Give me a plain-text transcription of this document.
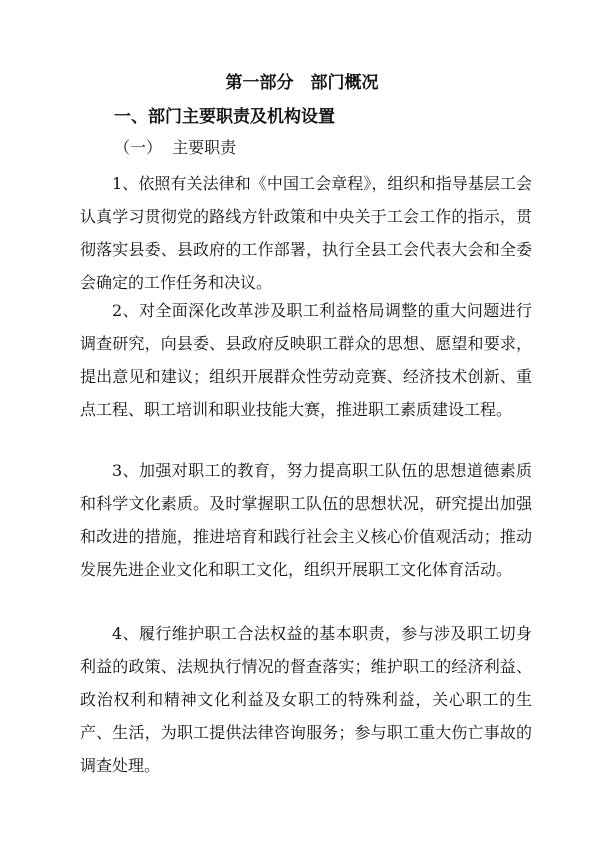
第一部分　部门概况
一、部门主要职责及机构设置
（一）  主要职责

1、依照有关法律和《中国工会章程》，组织和指导基层工会认真学习贯彻党的路线方针政策和中央关于工会工作的指示，贯彻落实县委、县政府的工作部署，执行全县工会代表大会和全委会确定的工作任务和决议。

2、对全面深化改革涉及职工利益格局调整的重大问题进行调查研究，向县委、县政府反映职工群众的思想、愿望和要求，提出意见和建议；组织开展群众性劳动竞赛、经济技术创新、重点工程、职工培训和职业技能大赛，推进职工素质建设工程。

3、加强对职工的教育，努力提高职工队伍的思想道德素质和科学文化素质。及时掌握职工队伍的思想状况，研究提出加强和改进的措施，推进培育和践行社会主义核心价值观活动；推动发展先进企业文化和职工文化，组织开展职工文化体育活动。

4、履行维护职工合法权益的基本职责，参与涉及职工切身利益的政策、法规执行情况的督查落实；维护职工的经济利益、政治权利和精神文化利益及女职工的特殊利益，关心职工的生产、生活，为职工提供法律咨询服务；参与职工重大伤亡事故的调查处理。
